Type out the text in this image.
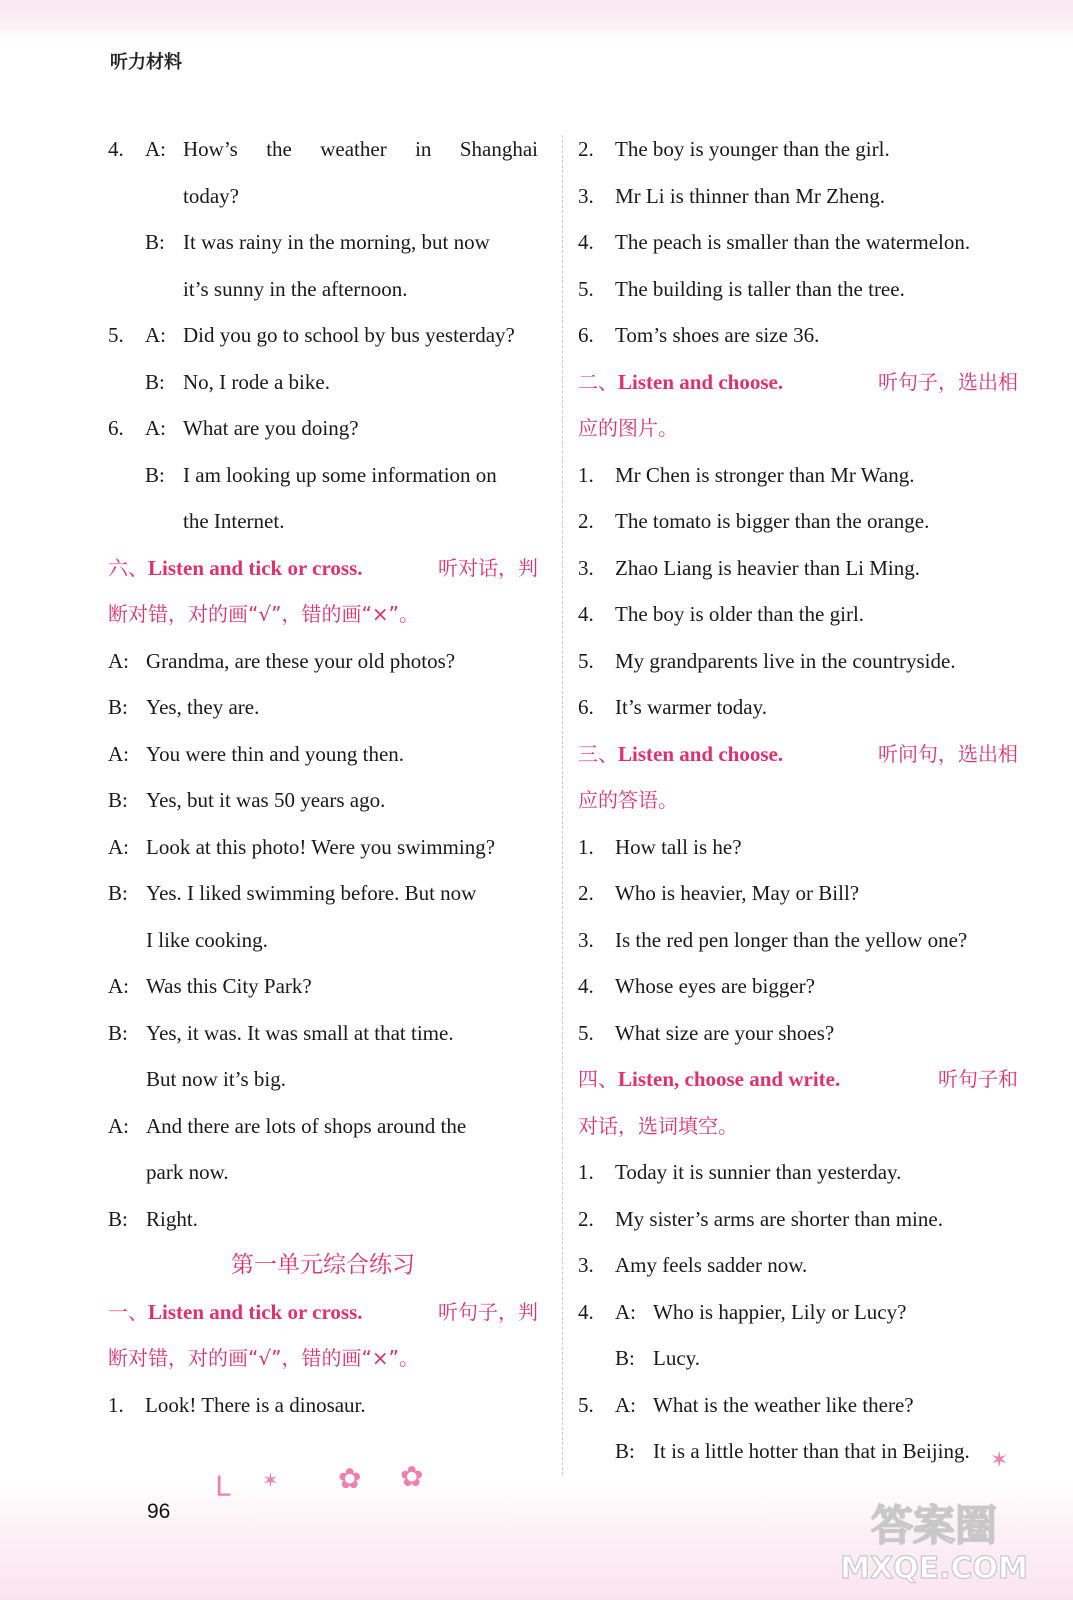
听力材料
4. A: How’s the weather in Shanghai
today?
B: It was rainy in the morning, but now
it’s sunny in the afternoon.
5. A: Did you go to school by bus yesterday?
B: No, I rode a bike.
6. A: What are you doing?
B: I am looking up some information on
the Internet.
六、Listen and tick or cross.	听对话，判
断对错，对的画“√”，错的画“×”。
A: Grandma, are these your old photos?
B: Yes, they are.
A: You were thin and young then.
B: Yes, but it was 50 years ago.
A: Look at this photo! Were you swimming?
B: Yes. I liked swimming before. But now
I like cooking.
A: Was this City Park?
B: Yes, it was. It was small at that time.
But now it’s big.
A: And there are lots of shops around the
park now.
B: Right.
第一单元综合练习
一、Listen and tick or cross.	听句子，判
断对错，对的画“√”，错的画“×”。
1. Look! There is a dinosaur.
2. The boy is younger than the girl.
3. Mr Li is thinner than Mr Zheng.
4. The peach is smaller than the watermelon.
5. The building is taller than the tree.
6. Tom’s shoes are size 36.
二、Listen and choose.	听句子，选出相
应的图片。
1. Mr Chen is stronger than Mr Wang.
2. The tomato is bigger than the orange.
3. Zhao Liang is heavier than Li Ming.
4. The boy is older than the girl.
5. My grandparents live in the countryside.
6. It’s warmer today.
三、Listen and choose.	听问句，选出相
应的答语。
1. How tall is he?
2. Who is heavier, May or Bill?
3. Is the red pen longer than the yellow one?
4. Whose eyes are bigger?
5. What size are your shoes?
四、Listen, choose and write.	听句子和
对话，选词填空。
1. Today it is sunnier than yesterday.
2. My sister’s arms are shorter than mine.
3. Amy feels sadder now.
4. A: Who is happier, Lily or Lucy?
B: Lucy.
5. A: What is the weather like there?
B: It is a little hotter than that in Beijing.
ᒪ ✶ ✿ ✿	✶
96	答案圈
MXQE.COM
